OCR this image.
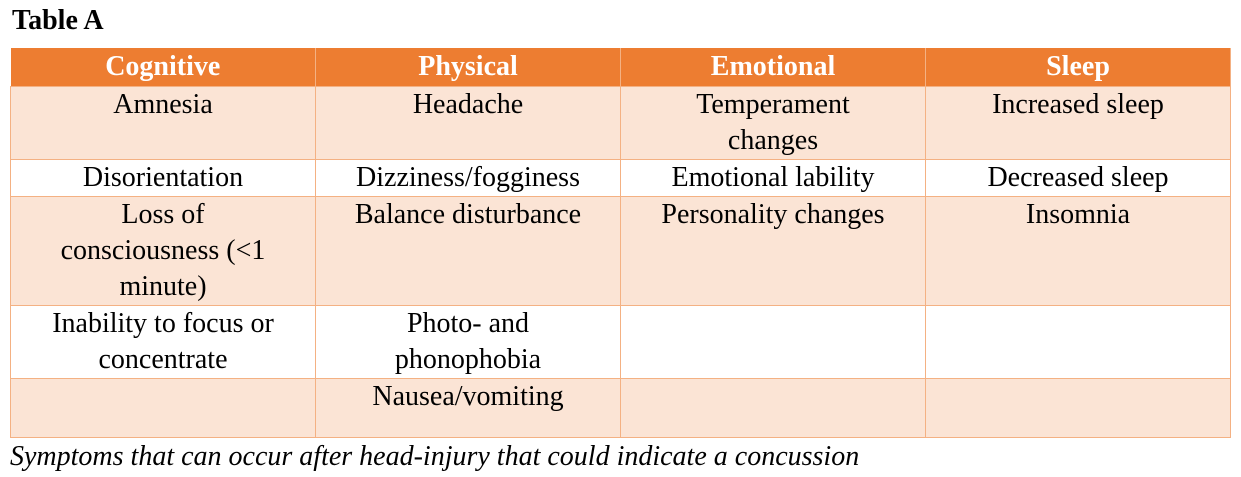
Table A
Cognitive	Physical	Emotional	Sleep
Amnesia	Headache	Temperament changes	Increased sleep
Disorientation	Dizziness/fogginess	Emotional lability	Decreased sleep
Loss of consciousness (<1 minute)	Balance disturbance	Personality changes	Insomnia
Inability to focus or concentrate	Photo- and phonophobia		
	Nausea/vomiting		
Symptoms that can occur after head-injury that could indicate a concussion
